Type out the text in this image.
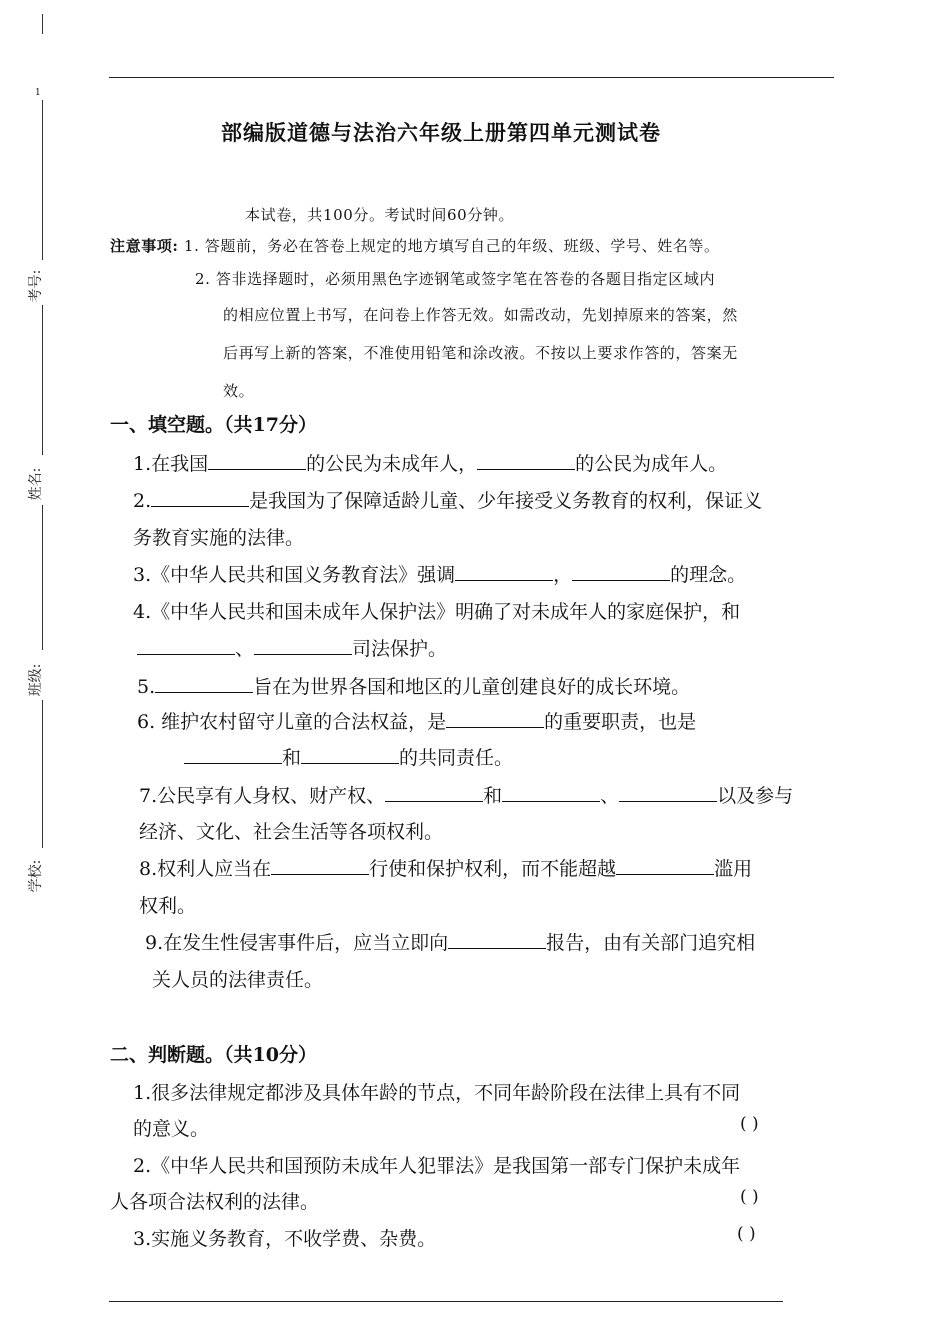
1
考号:
姓名:
班级:
学校:
部编版道德与法治六年级上册第四单元测试卷
本试卷，共100分。考试时间60分钟。
注意事项: 1. 答题前，务必在答卷上规定的地方填写自己的年级、班级、学号、姓名等。
2. 答非选择题时，必须用黑色字迹钢笔或签字笔在答卷的各题目指定区域内
的相应位置上书写，在问卷上作答无效。如需改动，先划掉原来的答案，然
后再写上新的答案，不准使用铅笔和涂改液。不按以上要求作答的，答案无
效。
一、填空题。（共17分）
1.在我国	的公民为未成年人，	的公民为成年人。
2.	是我国为了保障适龄儿童、少年接受义务教育的权利，保证义
务教育实施的法律。
3.《中华人民共和国义务教育法》强调	，	的理念。
4.《中华人民共和国未成年人保护法》明确了对未成年人的家庭保护，和
、	司法保护。
5.	旨在为世界各国和地区的儿童创建良好的成长环境。
6. 维护农村留守儿童的合法权益，是	的重要职责，也是
和	的共同责任。
7.公民享有人身权、财产权、	和	、	以及参与
经济、文化、社会生活等各项权利。
8.权利人应当在	行使和保护权利，而不能超越	滥用
权利。
9.在发生性侵害事件后，应当立即向	报告，由有关部门追究相
关人员的法律责任。
二、判断题。（共10分）
1.很多法律规定都涉及具体年龄的节点，不同年龄阶段在法律上具有不同
的意义。	( )
2.《中华人民共和国预防未成年人犯罪法》是我国第一部专门保护未成年
人各项合法权利的法律。	( )
3.实施义务教育，不收学费、杂费。	( )
